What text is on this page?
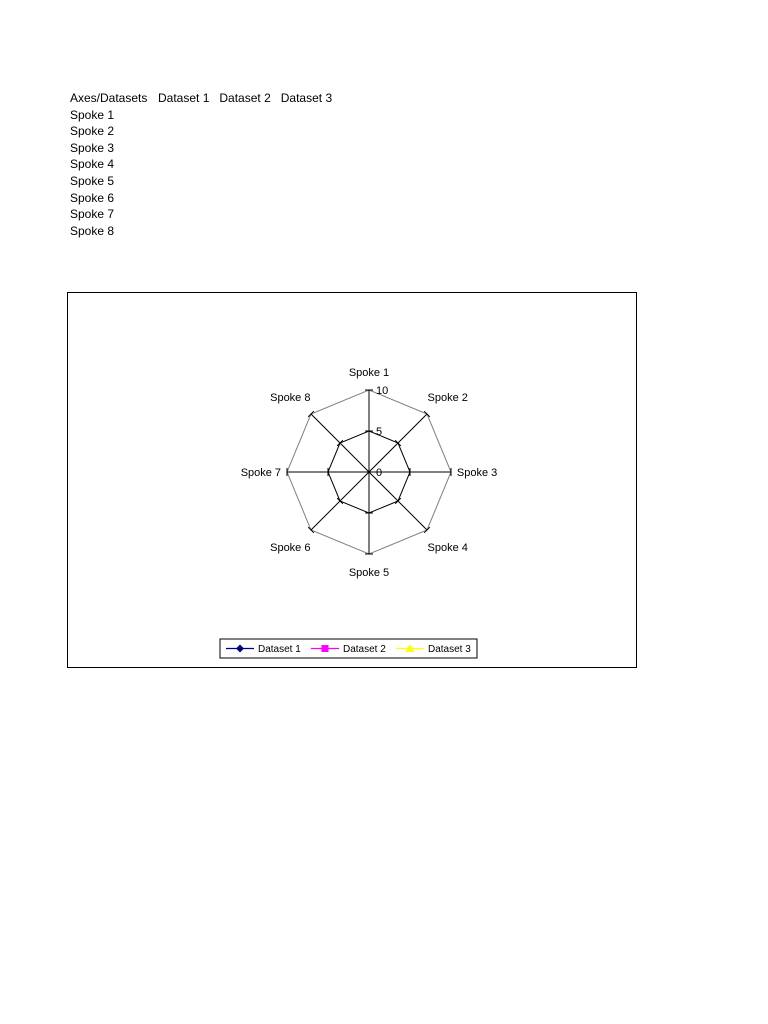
Axes/Datasets Dataset 1 Dataset 2 Dataset 3
Spoke 1
Spoke 2
Spoke 3
Spoke 4
Spoke 5
Spoke 6
Spoke 7
Spoke 8
0
5
10
Spoke 1
Spoke 2
Spoke 3
Spoke 4
Spoke 5
Spoke 6
Spoke 7
Spoke 8
Dataset 1	Dataset 2	Dataset 3
